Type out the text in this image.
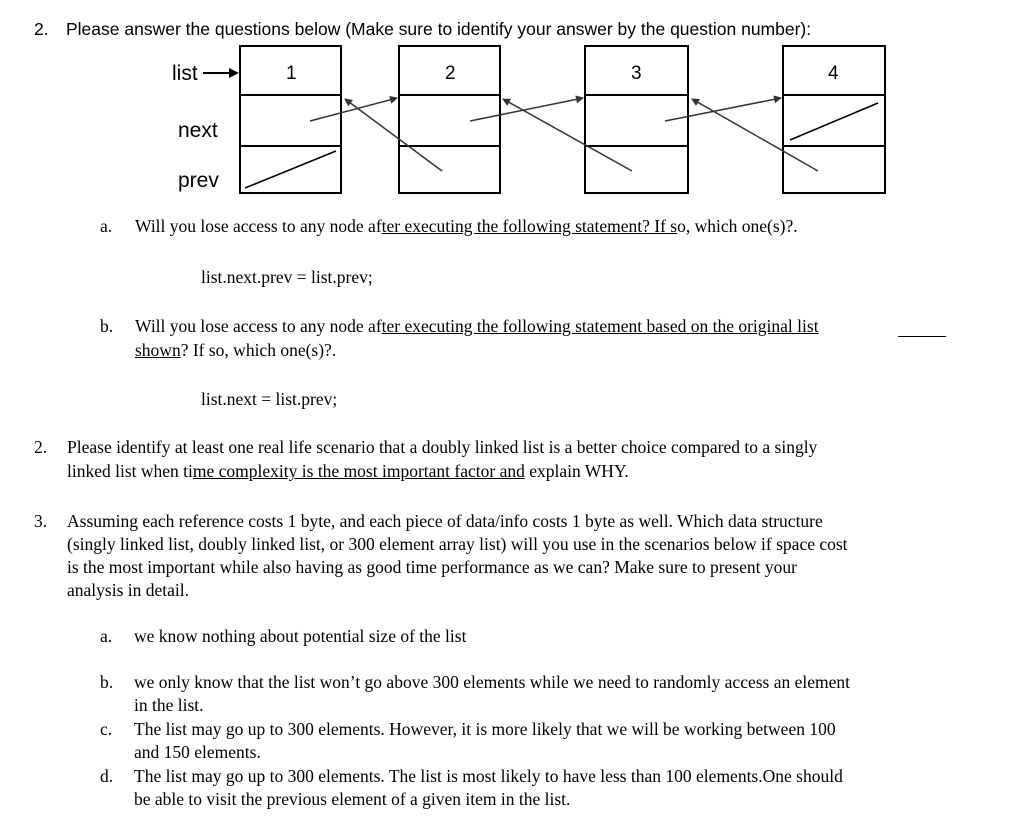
2. Please answer the questions below (Make sure to identify your answer by the question number):
list
next
prev
1	2	3	4
a. Will you lose access to any node after executing the following statement? If so, which one(s)?.
list.next.prev = list.prev;
b. Will you lose access to any node after executing the following statement based on the original list
shown? If so, which one(s)?.
list.next = list.prev;
2. Please identify at least one real life scenario that a doubly linked list is a better choice compared to a singly
linked list when time complexity is the most important factor and explain WHY.
3. Assuming each reference costs 1 byte, and each piece of data/info costs 1 byte as well. Which data structure
(singly linked list, doubly linked list, or 300 element array list) will you use in the scenarios below if space cost
is the most important while also having as good time performance as we can? Make sure to present your
analysis in detail.
a. we know nothing about potential size of the list
b. we only know that the list won’t go above 300 elements while we need to randomly access an element
in the list.
c. The list may go up to 300 elements. However, it is more likely that we will be working between 100
and 150 elements.
d. The list may go up to 300 elements. The list is most likely to have less than 100 elements.One should
be able to visit the previous element of a given item in the list.
